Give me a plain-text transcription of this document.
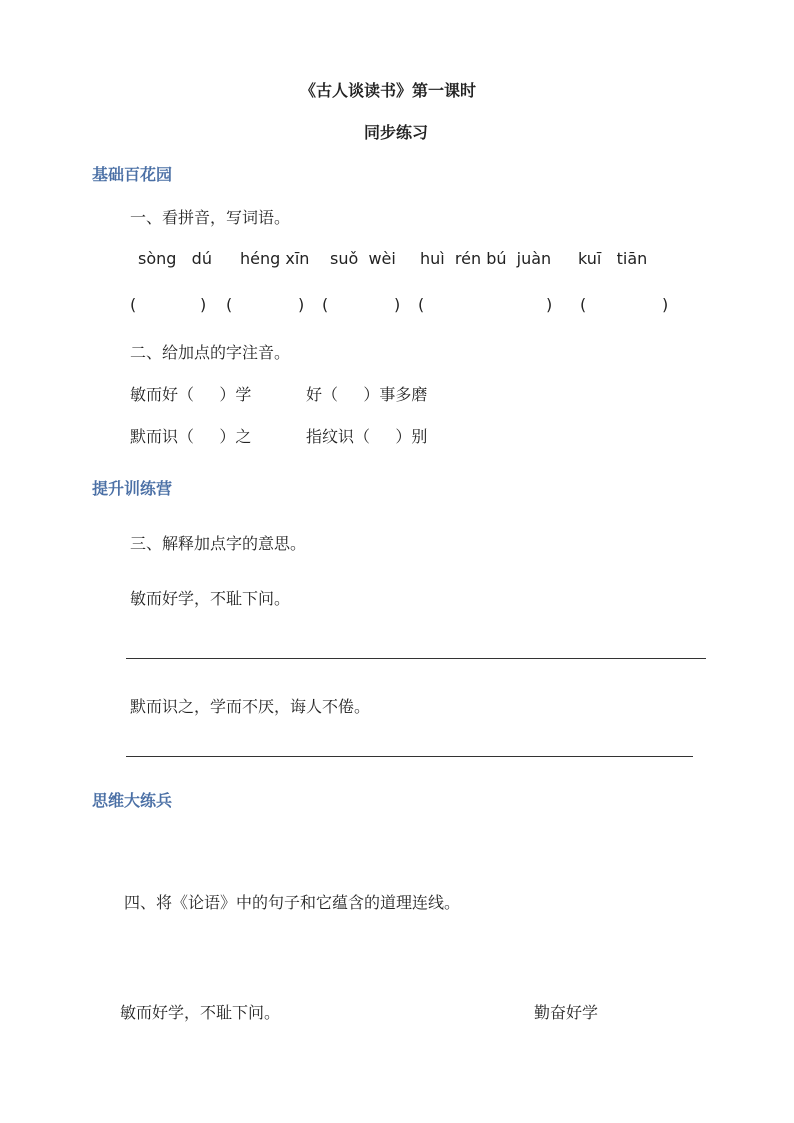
《古人谈读书》第一课时
同步练习
基础百花园
一、看拼音，写词语。
sòng   dú héng xīn suǒ  wèi huì  rén bú  juàn kuī   tiān
(	) (	) (	) (	) (	)
二、给加点的字注音。
敏而好（     ）学	好（     ）事多磨
默而识（     ）之	指纹识（     ）别
提升训练营
三、解释加点字的意思。
敏而好学，不耻下问。
默而识之，学而不厌，诲人不倦。
思维大练兵
四、将《论语》中的句子和它蕴含的道理连线。
敏而好学，不耻下问。	勤奋好学
